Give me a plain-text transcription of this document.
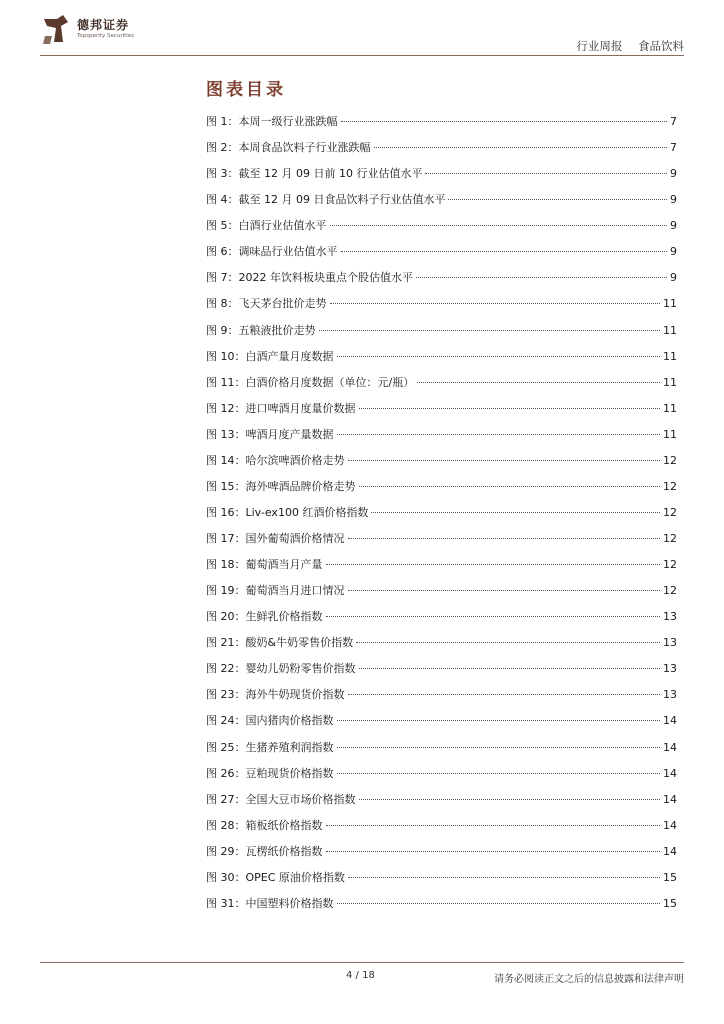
德邦证券
Topsperity Securities
行业周报 食品饮料
图表目录
图 1：本周一级行业涨跌幅	7
图 2：本周食品饮料子行业涨跌幅	7
图 3：截至 12 月 09 日前 10 行业估值水平	9
图 4：截至 12 月 09 日食品饮料子行业估值水平	9
图 5：白酒行业估值水平	9
图 6：调味品行业估值水平	9
图 7：2022 年饮料板块重点个股估值水平	9
图 8：飞天茅台批价走势	11
图 9：五粮液批价走势	11
图 10：白酒产量月度数据	11
图 11：白酒价格月度数据（单位：元/瓶）	11
图 12：进口啤酒月度量价数据	11
图 13：啤酒月度产量数据	11
图 14：哈尔滨啤酒价格走势	12
图 15：海外啤酒品牌价格走势	12
图 16：Liv-ex100 红酒价格指数	12
图 17：国外葡萄酒价格情况	12
图 18：葡萄酒当月产量	12
图 19：葡萄酒当月进口情况	12
图 20：生鲜乳价格指数	13
图 21：酸奶&牛奶零售价指数	13
图 22：婴幼儿奶粉零售价指数	13
图 23：海外牛奶现货价指数	13
图 24：国内猪肉价格指数	14
图 25：生猪养殖利润指数	14
图 26：豆粕现货价格指数	14
图 27：全国大豆市场价格指数	14
图 28：箱板纸价格指数	14
图 29：瓦楞纸价格指数	14
图 30：OPEC 原油价格指数	15
图 31：中国塑料价格指数	15
4 / 18	请务必阅读正文之后的信息披露和法律声明
